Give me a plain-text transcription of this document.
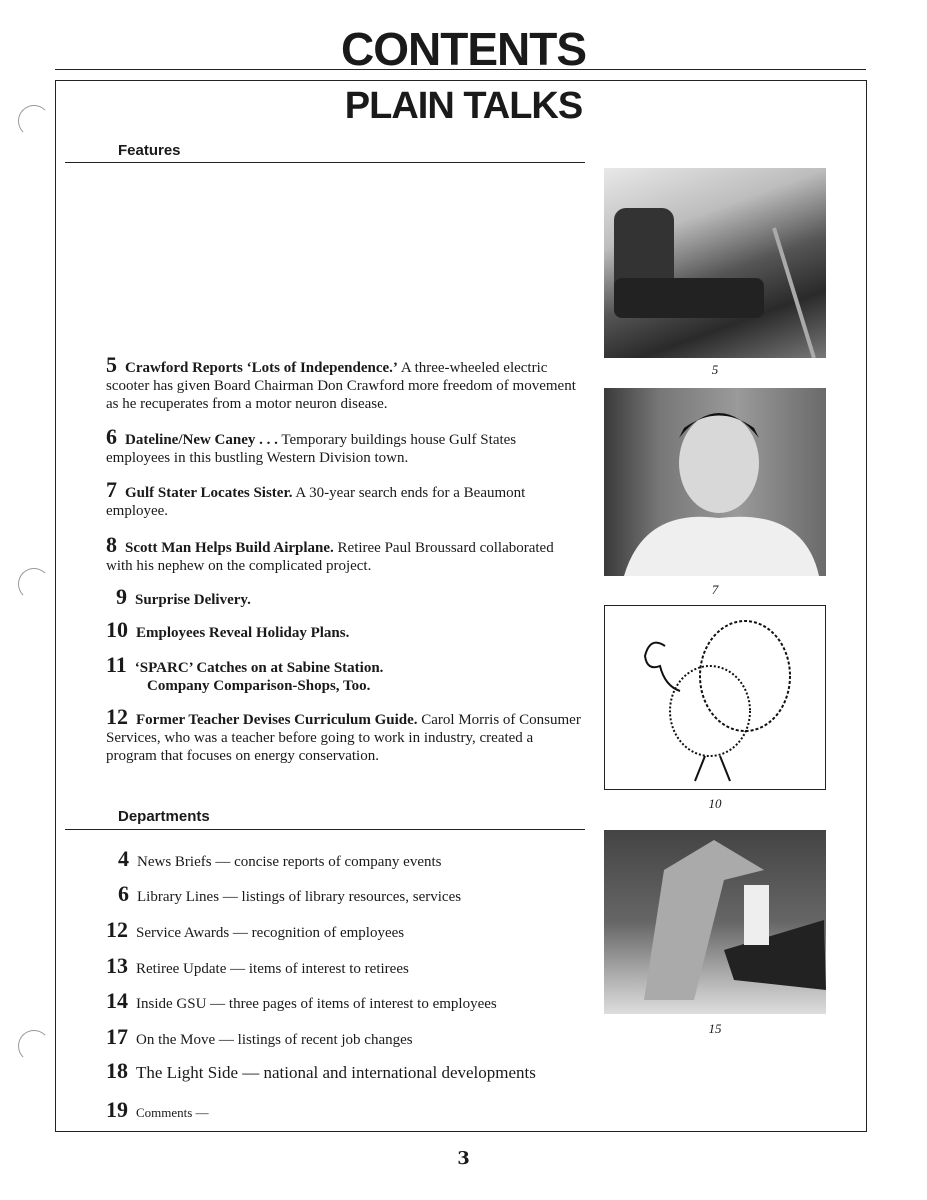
CONTENTS
PLAIN TALKS
Features
5 Crawford Reports ‘Lots of Independence.’ A three-wheeled electric scooter has given Board Chairman Don Crawford more freedom of movement as he recuperates from a motor neuron disease.
6 Dateline/New Caney . . . Temporary buildings house Gulf States employees in this bustling Western Division town.
7 Gulf Stater Locates Sister. A 30-year search ends for a Beaumont employee.
8 Scott Man Helps Build Airplane. Retiree Paul Broussard collaborated with his nephew on the complicated project.
9 Surprise Delivery.
10 Employees Reveal Holiday Plans.
11 ‘SPARC’ Catches on at Sabine Station.
Company Comparison-Shops, Too.
12 Former Teacher Devises Curriculum Guide. Carol Morris of Consumer Services, who was a teacher before going to work in industry, created a program that focuses on energy conservation.
Departments
4 News Briefs — concise reports of company events
6 Library Lines — listings of library resources, services
12 Service Awards — recognition of employees
13 Retiree Update — items of interest to retirees
14 Inside GSU — three pages of items of interest to employees
17 On the Move — listings of recent job changes
18 The Light Side — national and international developments
19 Comments —
5
7
10
15
3
